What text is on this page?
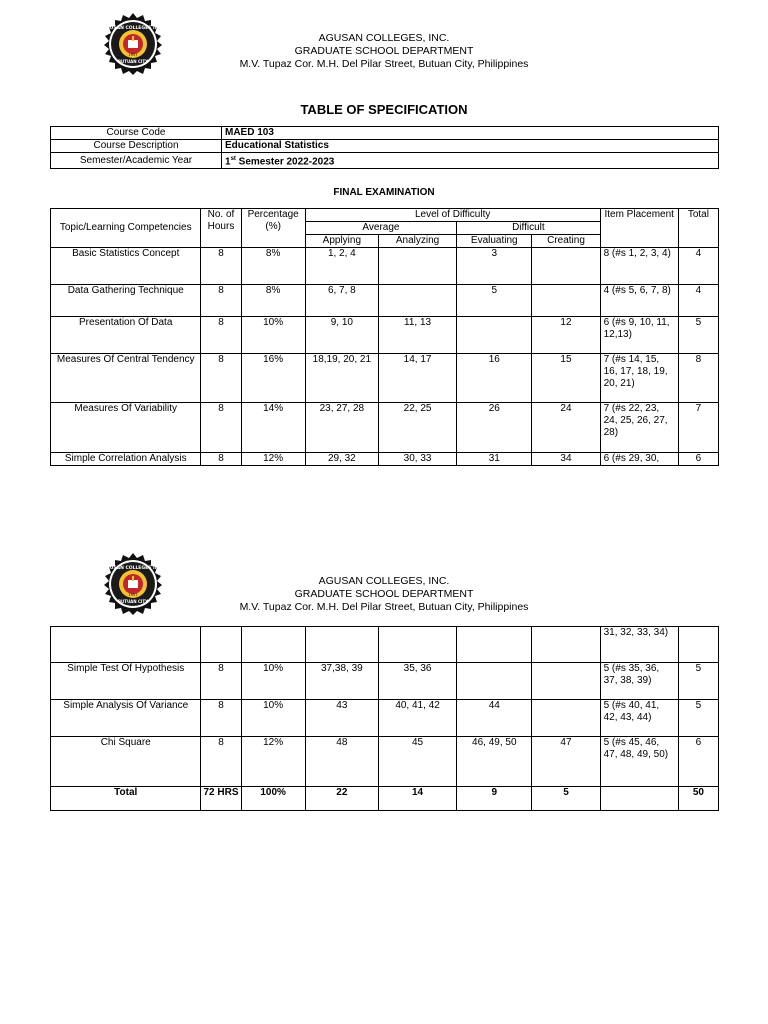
AGUSAN COLLEGES INC.
BUTUAN CITY
1957
AGUSAN COLLEGES, INC.
GRADUATE SCHOOL DEPARTMENT
M.V. Tupaz Cor. M.H. Del Pilar Street, Butuan City, Philippines
TABLE OF SPECIFICATION
Course Code	MAED 103
Course Description	Educational Statistics
Semester/Academic Year	1st Semester 2022-2023
FINAL EXAMINATION
Topic/Learning Competencies	No. of Hours	Percentage (%)	Level of Difficulty				Item Placement	Total
			Average		Difficult			
			Applying	Analyzing	Evaluating	Creating		
Basic Statistics Concept	8	8%	1, 2, 4		3		8 (#s 1, 2, 3, 4)	4
Data Gathering Technique	8	8%	6, 7, 8		5		4 (#s 5, 6, 7, 8)	4
Presentation Of Data	8	10%	9, 10	11, 13		12	6 (#s 9, 10, 11, 12,13)	5
Measures Of Central Tendency	8	16%	18,19, 20, 21	14, 17	16	15	7 (#s 14, 15, 16, 17, 18, 19, 20, 21)	8
Measures Of Variability	8	14%	23, 27, 28	22, 25	26	24	7 (#s 22, 23, 24, 25, 26, 27, 28)	7
Simple Correlation Analysis	8	12%	29, 32	30, 33	31	34	6 (#s 29, 30,	6
AGUSAN COLLEGES INC.
BUTUAN CITY
1957
AGUSAN COLLEGES, INC.
GRADUATE SCHOOL DEPARTMENT
M.V. Tupaz Cor. M.H. Del Pilar Street, Butuan City, Philippines
							31, 32, 33, 34)	
Simple Test Of Hypothesis	8	10%	37,38, 39	35, 36			5 (#s 35, 36, 37, 38, 39)	5
Simple Analysis Of Variance	8	10%	43	40, 41, 42	44		5 (#s 40, 41, 42, 43, 44)	5
Chi Square	8	12%	48	45	46, 49, 50	47	5 (#s 45, 46, 47, 48, 49, 50)	6
Total	72 HRS	100%	22	14	9	5		50
